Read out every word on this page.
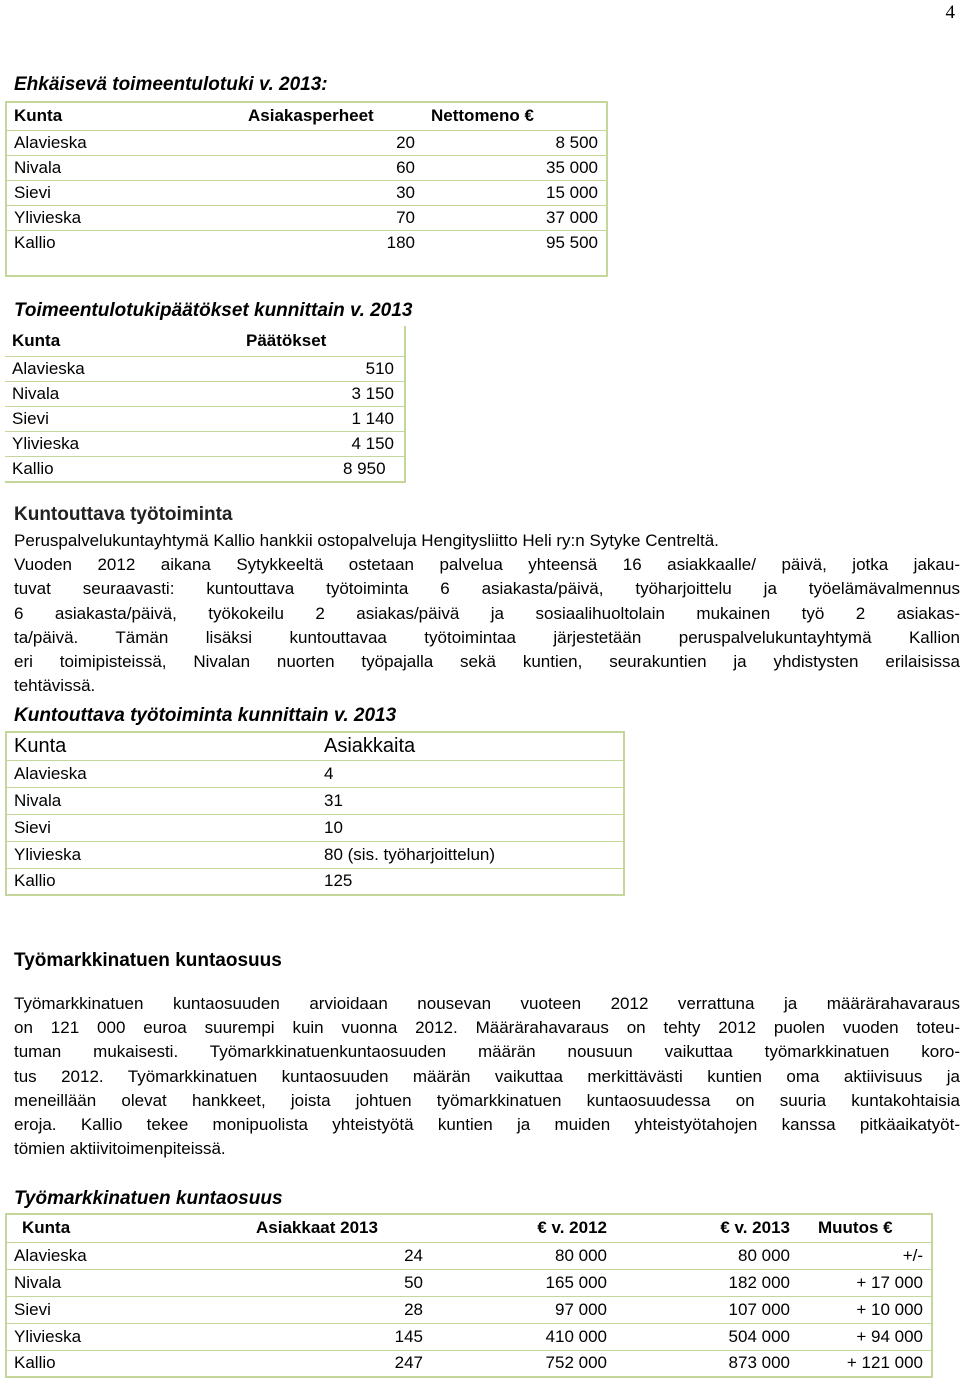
4
Ehkäisevä toimeentulotuki v. 2013:
Kunta	Asiakasperheet	Nettomeno €
Alavieska	20	8 500
Nivala	60	35 000
Sievi	30	15 000
Ylivieska	70	37 000
Kallio	180	95 500

Toimeentulotukipäätökset kunnittain v. 2013
Kunta	Päätökset
Alavieska	510
Nivala	3 150
Sievi	1 140
Ylivieska	4 150
Kallio	8 950
Kuntouttava työtoiminta
Peruspalvelukuntayhtymä Kallio hankkii ostopalveluja Hengitysliitto Heli ry:n Sytyke Centreltä.
Vuoden 2012 aikana Sytykkeeltä ostetaan palvelua yhteensä 16 asiakkaalle/ päivä, jotka jakau-
tuvat seuraavasti: kuntouttava työtoiminta 6 asiakasta/päivä, työharjoittelu ja työelämävalmennus
6 asiakasta/päivä, työkokeilu 2 asiakas/päivä ja sosiaalihuoltolain mukainen työ 2 asiakas-
ta/päivä. Tämän lisäksi kuntouttavaa työtoimintaa järjestetään peruspalvelukuntayhtymä Kallion
eri toimipisteissä, Nivalan nuorten työpajalla sekä kuntien, seurakuntien ja yhdistysten erilaisissa
tehtävissä.
Kuntouttava työtoiminta kunnittain v. 2013
Kunta	Asiakkaita
Alavieska	4
Nivala	31
Sievi	10
Ylivieska	80 (sis. työharjoittelun)
Kallio	125
Työmarkkinatuen kuntaosuus
Työmarkkinatuen kuntaosuuden arvioidaan nousevan vuoteen 2012 verrattuna ja määrärahavaraus
on 121 000 euroa suurempi kuin vuonna 2012. Määrärahavaraus on tehty 2012 puolen vuoden toteu-
tuman mukaisesti. Työmarkkinatuenkuntaosuuden määrän nousuun vaikuttaa työmarkkinatuen koro-
tus 2012. Työmarkkinatuen kuntaosuuden määrän vaikuttaa merkittävästi kuntien oma aktiivisuus ja
meneillään olevat hankkeet, joista johtuen työmarkkinatuen kuntaosuudessa on suuria kuntakohtaisia
eroja. Kallio tekee monipuolista yhteistyötä kuntien ja muiden yhteistyötahojen kanssa pitkäaikatyöt-
tömien aktiivitoimenpiteissä.
Työmarkkinatuen kuntaosuus
Kunta	Asiakkaat 2013	€ v. 2012	€ v. 2013	Muutos €
Alavieska	24	80 000	80 000	+/-
Nivala	50	165 000	182 000	+ 17 000
Sievi	28	97 000	107 000	+ 10 000
Ylivieska	145	410 000	504 000	+ 94 000
Kallio	247	752 000	873 000	+ 121 000
